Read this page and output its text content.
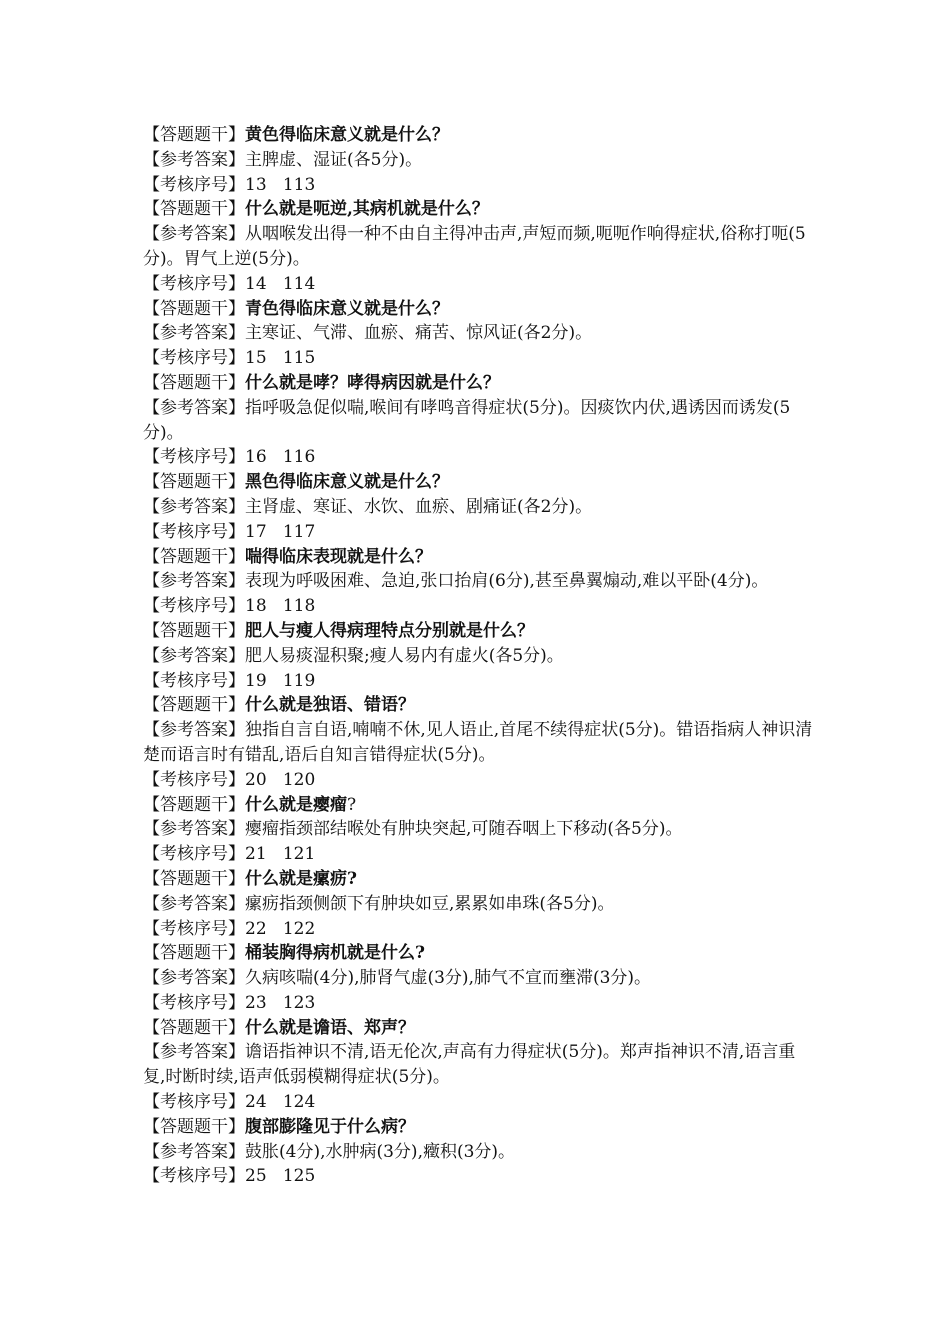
【答题题干】黄色得临床意义就是什么？

【参考答案】主脾虚、湿证(各5分)。

【考核序号】13   113

【答题题干】什么就是呃逆,其病机就是什么？

【参考答案】从咽喉发出得一种不由自主得冲击声,声短而频,呃呃作响得症状,俗称打呃(5分)。胃气上逆(5分)。

【考核序号】14   114

【答题题干】青色得临床意义就是什么？

【参考答案】主寒证、气滞、血瘀、痛苦、惊风证(各2分)。

【考核序号】15   115

【答题题干】什么就是哮？哮得病因就是什么？

【参考答案】指呼吸急促似喘,喉间有哮鸣音得症状(5分)。因痰饮内伏,遇诱因而诱发(5分)。

【考核序号】16   116

【答题题干】黑色得临床意义就是什么？

【参考答案】主肾虚、寒证、水饮、血瘀、剧痛证(各2分)。

【考核序号】17   117

【答题题干】喘得临床表现就是什么？

【参考答案】表现为呼吸困难、急迫,张口抬肩(6分),甚至鼻翼煽动,难以平卧(4分)。

【考核序号】18   118

【答题题干】肥人与瘦人得病理特点分别就是什么？

【参考答案】肥人易痰湿积聚;瘦人易内有虚火(各5分)。

【考核序号】19   119

【答题题干】什么就是独语、错语？

【参考答案】独指自言自语,喃喃不休,见人语止,首尾不续得症状(5分)。错语指病人神识清楚而语言时有错乱,语后自知言错得症状(5分)。

【考核序号】20   120

【答题题干】什么就是瘿瘤?

【参考答案】瘿瘤指颈部结喉处有肿块突起,可随吞咽上下移动(各5分)。

【考核序号】21   121

【答题题干】什么就是瘰疬?

【参考答案】瘰疬指颈侧颌下有肿块如豆,累累如串珠(各5分)。

【考核序号】22   122

【答题题干】桶装胸得病机就是什么?

【参考答案】久病咳喘(4分),肺肾气虚(3分),肺气不宣而壅滞(3分)。

【考核序号】23   123

【答题题干】什么就是谵语、郑声？

【参考答案】谵语指神识不清,语无伦次,声高有力得症状(5分)。郑声指神识不清,语言重复,时断时续,语声低弱模糊得症状(5分)。

【考核序号】24   124

【答题题干】腹部膨隆见于什么病？

【参考答案】鼓胀(4分),水肿病(3分),癥积(3分)。

【考核序号】25   125
